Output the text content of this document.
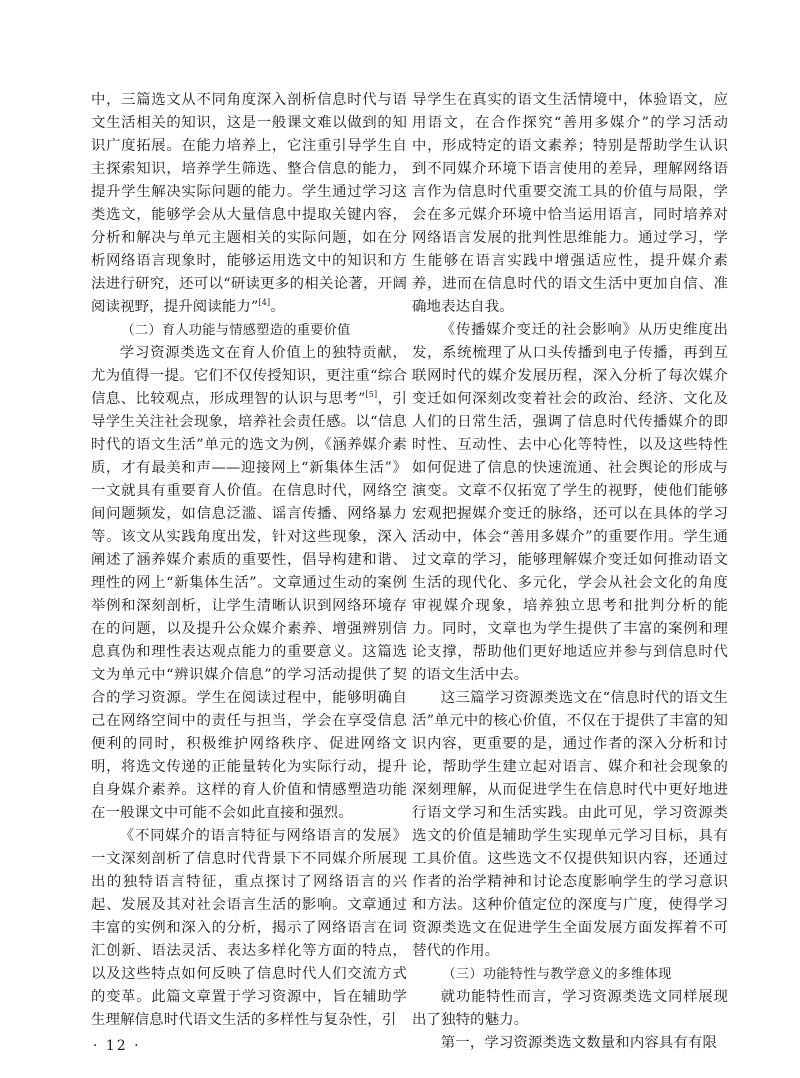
中，三篇选文从不同角度深入剖析信息时代与语文生活相关的知识，这是一般课文难以做到的知识广度拓展。在能力培养上，它注重引导学生自主探索知识，培养学生筛选、整合信息的能力，提升学生解决实际问题的能力。学生通过学习这类选文，能够学会从大量信息中提取关键内容，分析和解决与单元主题相关的实际问题，如在分析网络语言现象时，能够运用选文中的知识和方法进行研究，还可以“研读更多的相关论著，开阔阅读视野，提升阅读能力”[4]。

（二）育人功能与情感塑造的重要价值

学习资源类选文在育人价值上的独特贡献，尤为值得一提。它们不仅传授知识，更注重“综合信息、比较观点，形成理智的认识与思考”[5]，引导学生关注社会现象，培养社会责任感。以“信息时代的语文生活”单元的选文为例，《涵养媒介素质，才有最美和声——迎接网上“新集体生活”》一文就具有重要育人价值。在信息时代，网络空间问题频发，如信息泛滥、谣言传播、网络暴力等。该文从实践角度出发，针对这些现象，深入阐述了涵养媒介素质的重要性，倡导构建和谐、理性的网上“新集体生活”。文章通过生动的案例举例和深刻剖析，让学生清晰认识到网络环境存在的问题，以及提升公众媒介素养、增强辨别信息真伪和理性表达观点能力的重要意义。这篇选文为单元中“辨识媒介信息”的学习活动提供了契合的学习资源。学生在阅读过程中，能够明确自己在网络空间中的责任与担当，学会在享受信息便利的同时，积极维护网络秩序、促进网络文明，将选文传递的正能量转化为实际行动，提升自身媒介素养。这样的育人价值和情感塑造功能在一般课文中可能不会如此直接和强烈。

《不同媒介的语言特征与网络语言的发展》一文深刻剖析了信息时代背景下不同媒介所展现出的独特语言特征，重点探讨了网络语言的兴起、发展及其对社会语言生活的影响。文章通过丰富的实例和深入的分析，揭示了网络语言在词汇创新、语法灵活、表达多样化等方面的特点，以及这些特点如何反映了信息时代人们交流方式的变革。此篇文章置于学习资源中，旨在辅助学生理解信息时代语文生活的多样性与复杂性，引

导学生在真实的语文生活情境中，体验语文，应用语文，在合作探究“善用多媒介”的学习活动中，形成特定的语文素养；特别是帮助学生认识到不同媒介环境下语言使用的差异，理解网络语言作为信息时代重要交流工具的价值与局限，学会在多元媒介环境中恰当运用语言，同时培养对网络语言发展的批判性思维能力。通过学习，学生能够在语言实践中增强适应性，提升媒介素养，进而在信息时代的语文生活中更加自信、准确地表达自我。

《传播媒介变迁的社会影响》从历史维度出发，系统梳理了从口头传播到电子传播，再到互联网时代的媒介发展历程，深入分析了每次媒介变迁如何深刻改变着社会的政治、经济、文化及人们的日常生活，强调了信息时代传播媒介的即时性、互动性、去中心化等特性，以及这些特性如何促进了信息的快速流通、社会舆论的形成与演变。文章不仅拓宽了学生的视野，使他们能够宏观把握媒介变迁的脉络，还可以在具体的学习活动中，体会“善用多媒介”的重要作用。学生通过文章的学习，能够理解媒介变迁如何推动语文生活的现代化、多元化，学会从社会文化的角度审视媒介现象，培养独立思考和批判分析的能力。同时，文章也为学生提供了丰富的案例和理论支撑，帮助他们更好地适应并参与到信息时代的语文生活中去。

这三篇学习资源类选文在“信息时代的语文生活”单元中的核心价值，不仅在于提供了丰富的知识内容，更重要的是，通过作者的深入分析和讨论，帮助学生建立起对语言、媒介和社会现象的深刻理解，从而促进学生在信息时代中更好地进行语文学习和生活实践。由此可见，学习资源类选文的价值是辅助学生实现单元学习目标，具有工具价值。这些选文不仅提供知识内容，还通过作者的治学精神和讨论态度影响学生的学习意识和方法。这种价值定位的深度与广度，使得学习资源类选文在促进学生全面发展方面发挥着不可替代的作用。

（三）功能特性与教学意义的多维体现

就功能特性而言，学习资源类选文同样展现出了独特的魅力。

第一，学习资源类选文数量和内容具有有限

· 12 ·
